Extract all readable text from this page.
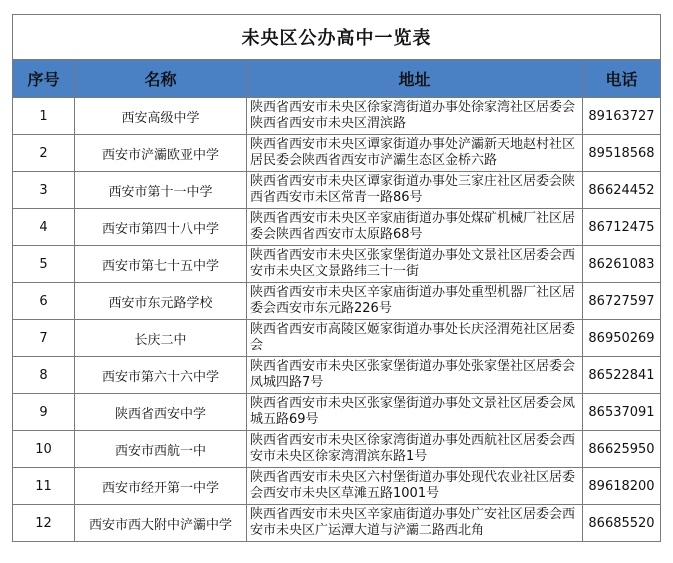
未央区公办高中一览表			
序号	名称	地址	电话
1	西安高级中学	陕西省西安市未央区徐家湾街道办事处徐家湾社区居委会陕西省西安市未央区渭滨路	89163727
2	西安市浐灞欧亚中学	陕西省西安市未央区谭家街道办事处浐灞新天地赵村社区居民委会陕西省西安市浐灞生态区金桥六路	89518568
3	西安市第十一中学	陕西省西安市未央区谭家街道办事处三家庄社区居委会陕西省西安市未区常青一路86号	86624452
4	西安市第四十八中学	陕西省西安市未央区辛家庙街道办事处煤矿机械厂社区居委会陕西省西安市太原路68号	86712475
5	西安市第七十五中学	陕西省西安市未央区张家堡街道办事处文景社区居委会西安市未央区文景路纬三十一街	86261083
6	西安市东元路学校	陕西省西安市未央区辛家庙街道办事处重型机器厂社区居委会西安市东元路226号	86727597
7	长庆二中	陕西省西安市高陵区姬家街道办事处长庆泾渭苑社区居委会	86950269
8	西安市第六十六中学	陕西省西安市未央区张家堡街道办事处张家堡社区居委会凤城四路7号	86522841
9	陕西省西安中学	陕西省西安市未央区张家堡街道办事处文景社区居委会凤城五路69号	86537091
10	西安市西航一中	陕西省西安市未央区徐家湾街道办事处西航社区居委会西安市未央区徐家湾渭滨东路1号	86625950
11	西安市经开第一中学	陕西省西安市未央区六村堡街道办事处现代农业社区居委会西安市未央区草滩五路1001号	89618200
12	西安市西大附中浐灞中学	陕西省西安市未央区辛家庙街道办事处广安社区居委会西安市未央区广运潭大道与浐灞二路西北角	86685520
